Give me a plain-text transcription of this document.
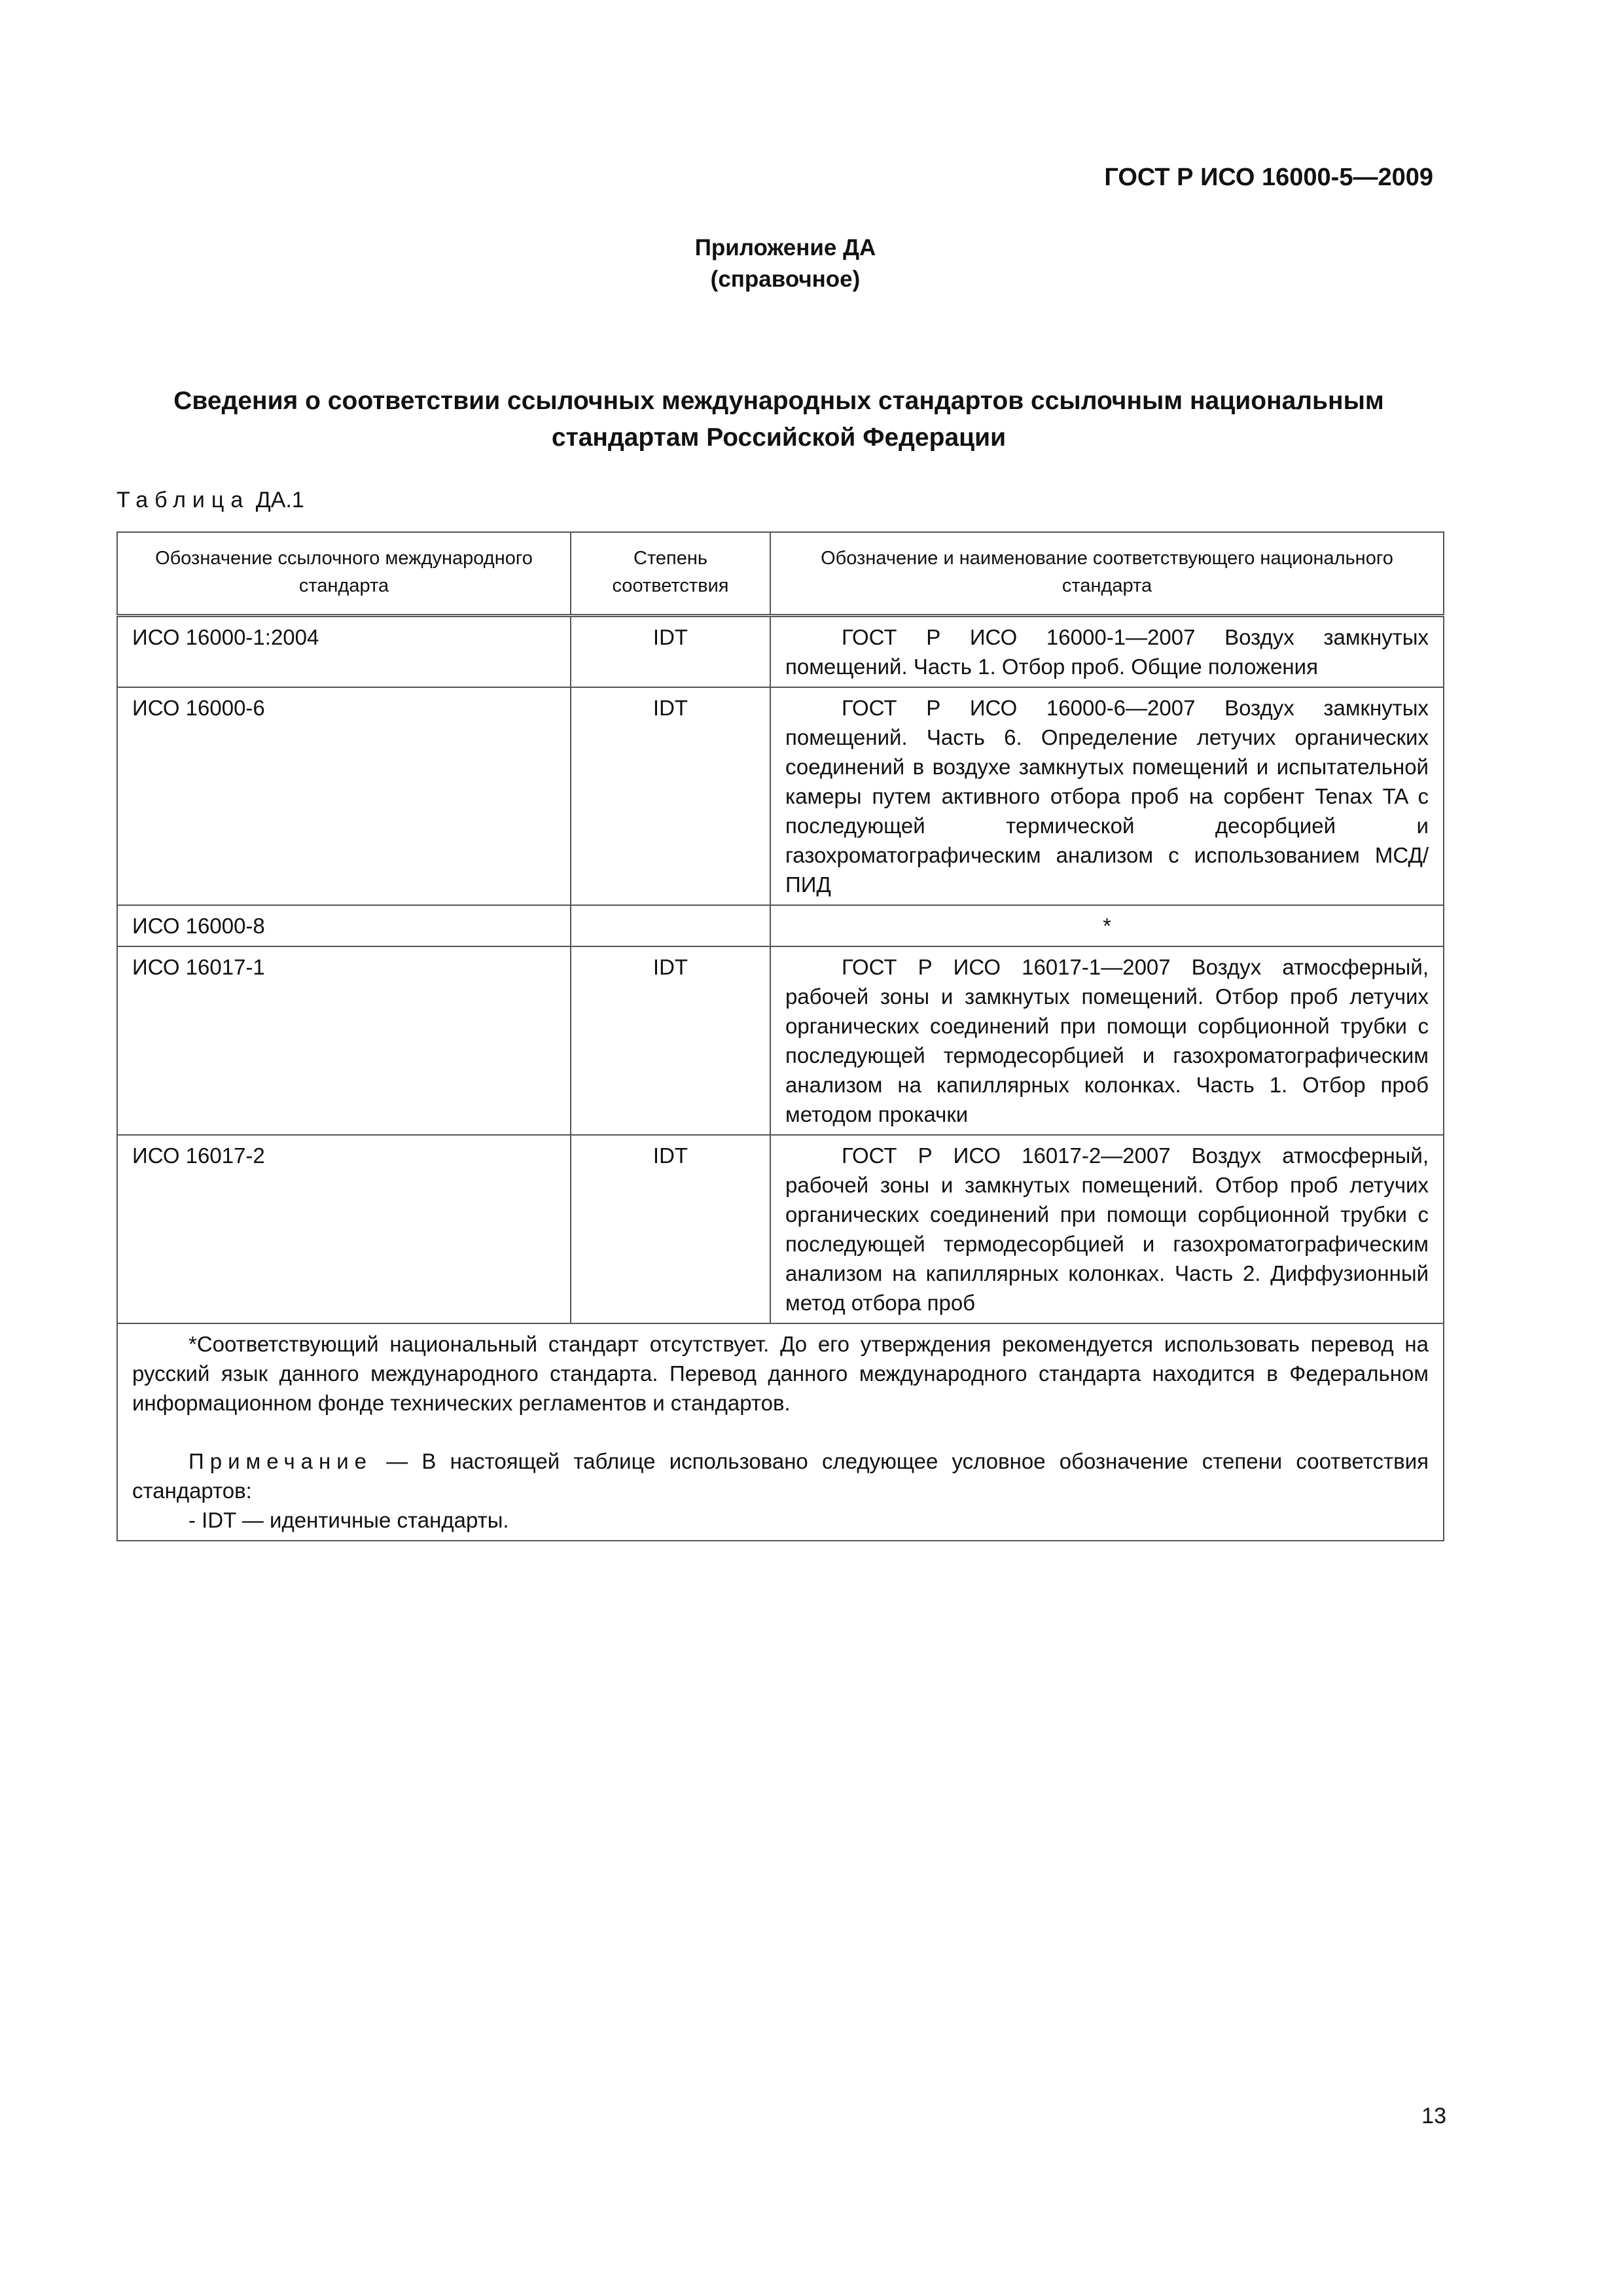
ГОСТ Р ИСО 16000-5—2009
Приложение ДА
(справочное)
Сведения о соответствии ссылочных международных стандартов ссылочным национальным
стандартам Российской Федерации
Таблица ДА.1
Обозначение ссылочного международного стандарта	Степень соответствия	Обозначение и наименование соответствующего национального стандарта
ИСО 16000-1:2004	IDT	ГОСТ Р ИСО 16000-1—2007 Воздух замкнутых помещений. Часть 1. Отбор проб. Общие положения
ИСО 16000-6	IDT	ГОСТ Р ИСО 16000-6—2007 Воздух замкнутых помещений. Часть 6. Определение летучих органических соединений в воздухе замкнутых помещений и испытательной камеры путем активного отбора проб на сорбент Tenax TA с последующей термической десорбцией и газохроматографическим анализом с использованием МСД/ПИД
ИСО 16000-8		*
ИСО 16017-1	IDT	ГОСТ Р ИСО 16017-1—2007 Воздух атмосферный, рабочей зоны и замкнутых помещений. Отбор проб летучих органических соединений при помощи сорбционной трубки с последующей термодесорбцией и газохроматографическим анализом на капиллярных колонках. Часть 1. Отбор проб методом прокачки
ИСО 16017-2	IDT	ГОСТ Р ИСО 16017-2—2007 Воздух атмосферный, рабочей зоны и замкнутых помещений. Отбор проб летучих органических соединений при помощи сорбционной трубки с последующей термодесорбцией и газохроматографическим анализом на капиллярных колонках. Часть 2. Диффузионный метод отбора проб

*Соответствующий национальный стандарт отсутствует. До его утверждения рекомендуется использовать перевод на русский язык данного международного стандарта. Перевод данного международного стандарта находится в Федеральном информационном фонде технических регламентов и стандартов.

Примечание — В настоящей таблице использовано следующее условное обозначение степени соответствия стандартов:

- IDT — идентичные стандарты.		

13
